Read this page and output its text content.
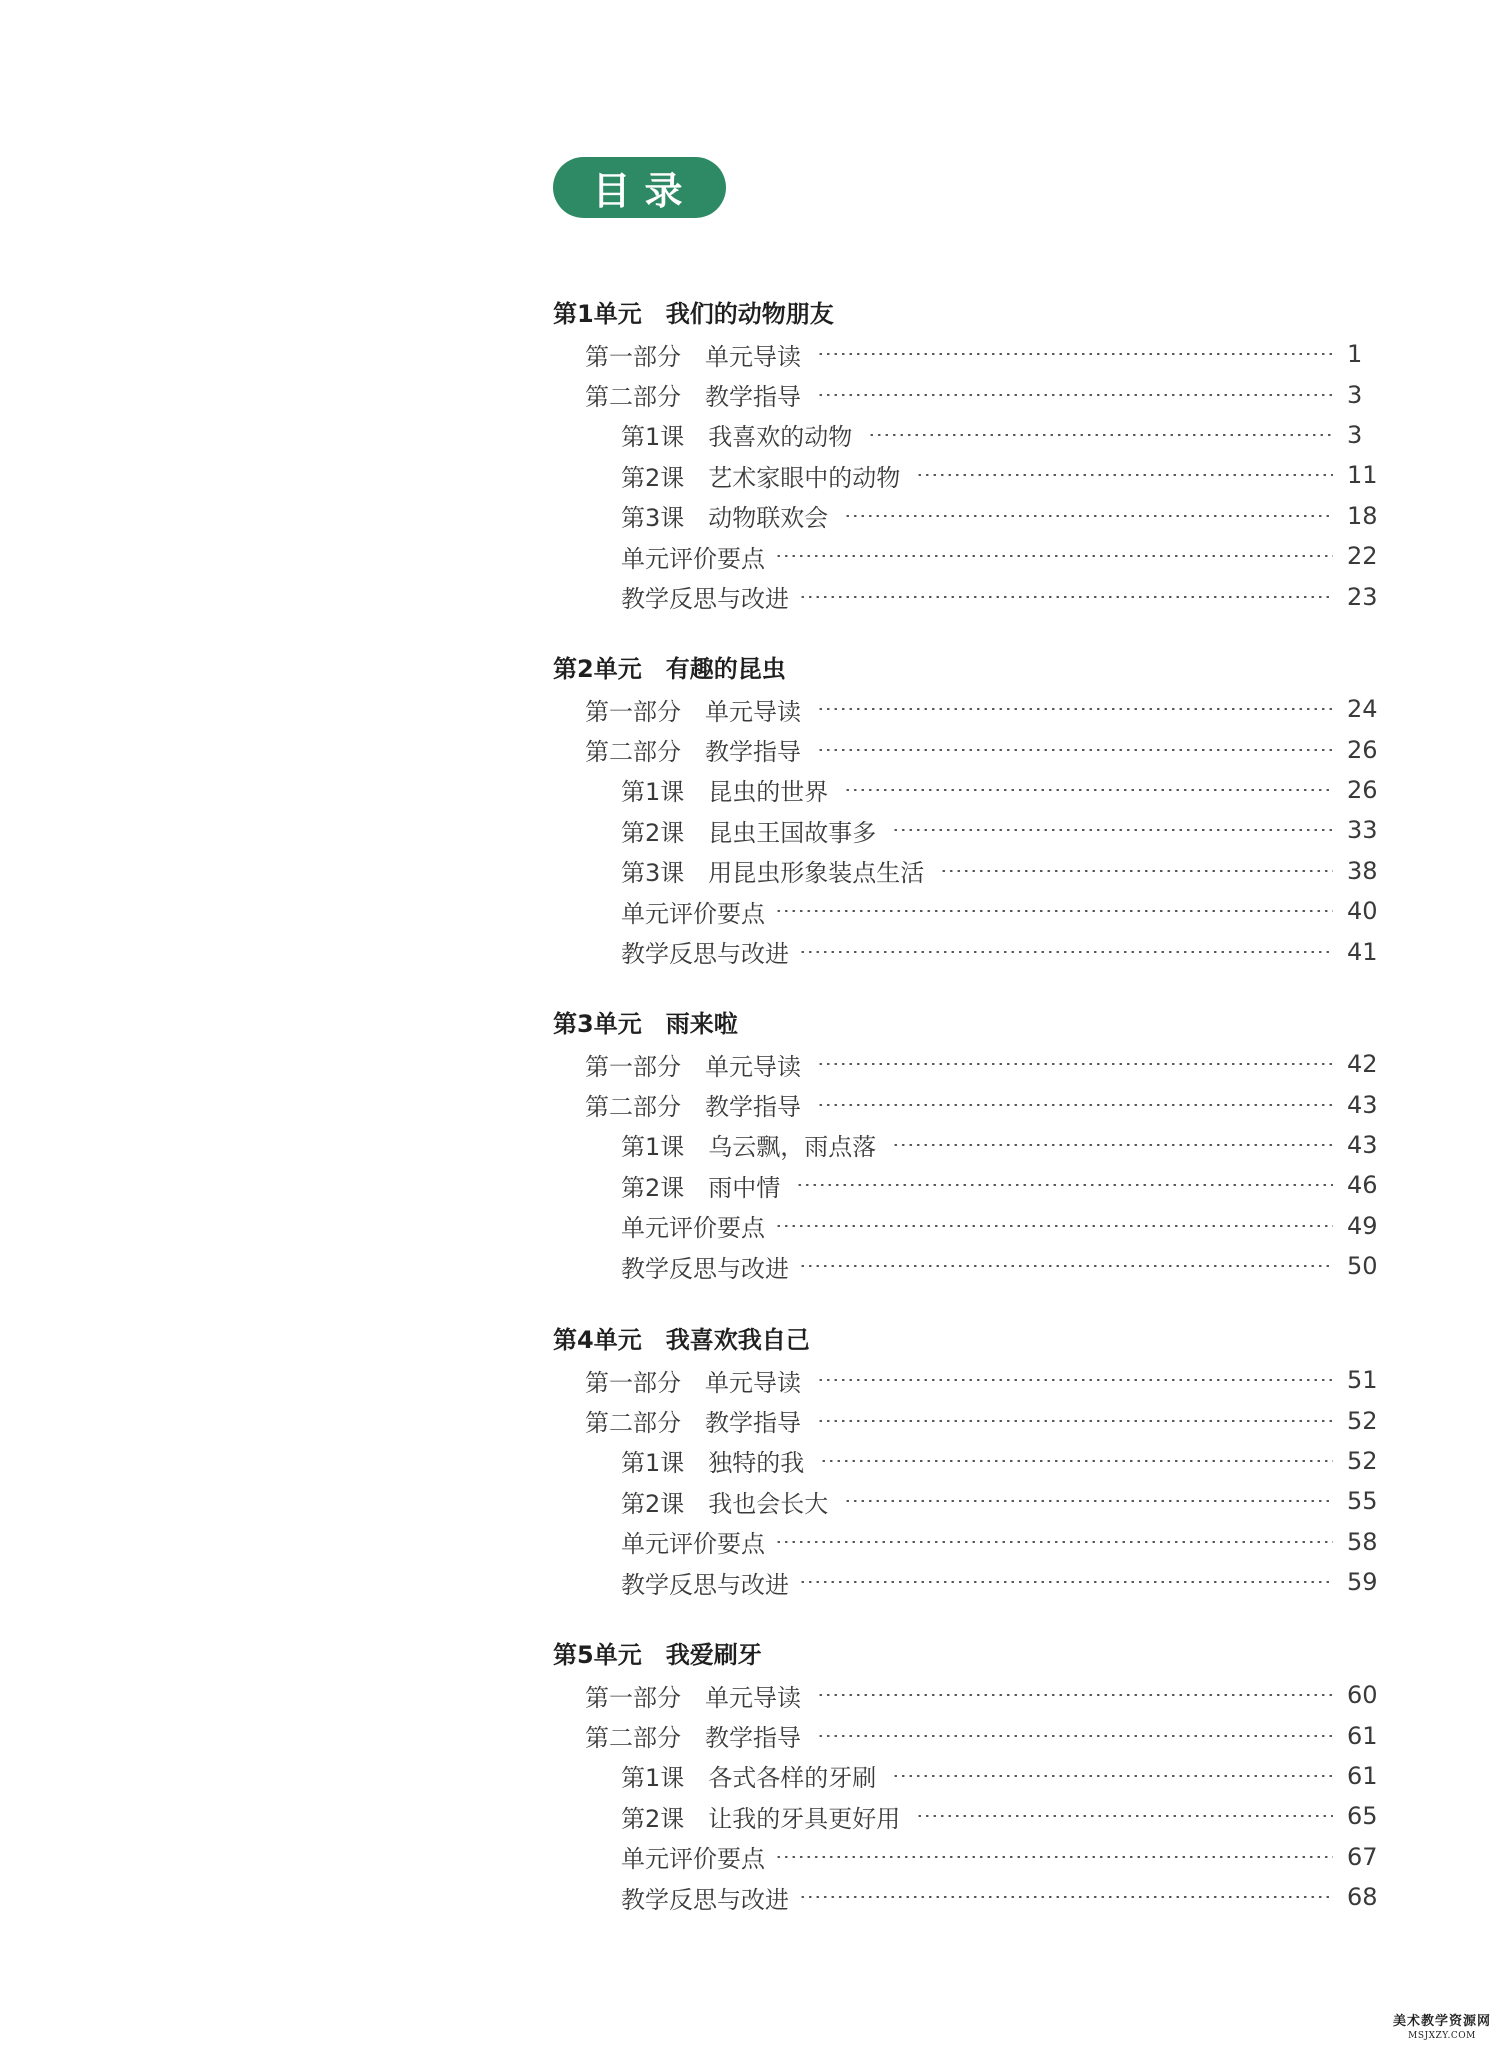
目录
第1单元 我们的动物朋友
第一部分　单元导读	1
第二部分　教学指导	3
第1课　我喜欢的动物	3
第2课　艺术家眼中的动物	11
第3课　动物联欢会	18
单元评价要点	22
教学反思与改进	23
第2单元 有趣的昆虫
第一部分　单元导读	24
第二部分　教学指导	26
第1课　昆虫的世界	26
第2课　昆虫王国故事多	33
第3课　用昆虫形象装点生活	38
单元评价要点	40
教学反思与改进	41
第3单元 雨来啦
第一部分　单元导读	42
第二部分　教学指导	43
第1课　乌云飘，雨点落	43
第2课　雨中情	46
单元评价要点	49
教学反思与改进	50
第4单元 我喜欢我自己
第一部分　单元导读	51
第二部分　教学指导	52
第1课　独特的我	52
第2课　我也会长大	55
单元评价要点	58
教学反思与改进	59
第5单元 我爱刷牙
第一部分　单元导读	60
第二部分　教学指导	61
第1课　各式各样的牙刷	61
第2课　让我的牙具更好用	65
单元评价要点	67
教学反思与改进	68
美术教学资源网
MSJXZY.COM
